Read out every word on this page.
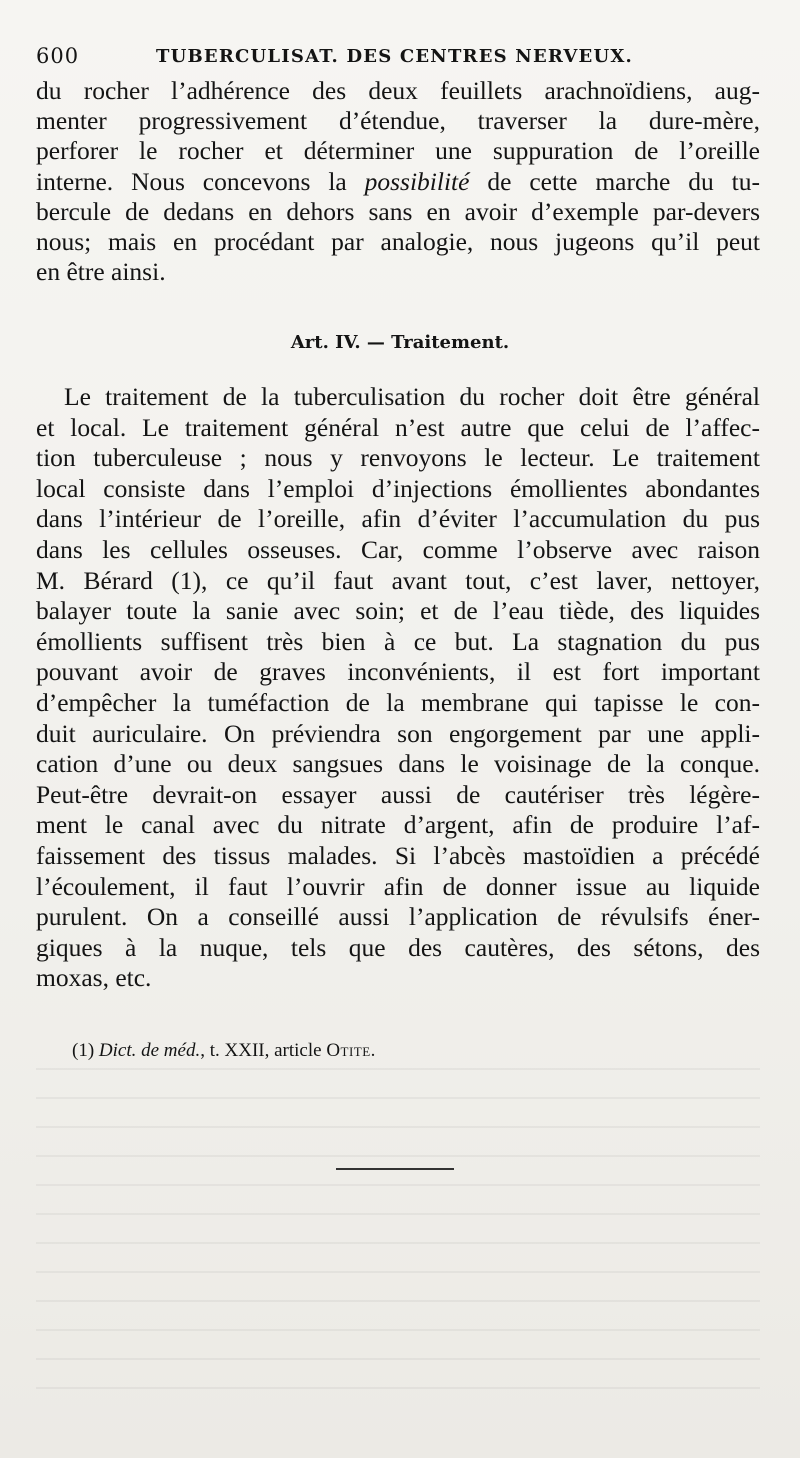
600	TUBERCULISAT. DES CENTRES NERVEUX.
du rocher l’adhérence des deux feuillets arachnoïdiens, aug-
menter progressivement d’étendue, traverser la dure-mère,
perforer le rocher et déterminer une suppuration de l’oreille
interne. Nous concevons la possibilité de cette marche du tu-
bercule de dedans en dehors sans en avoir d’exemple par-devers
nous; mais en procédant par analogie, nous jugeons qu’il peut
en être ainsi.
Art. IV. — Traitement.
Le traitement de la tuberculisation du rocher doit être général
et local. Le traitement général n’est autre que celui de l’affec-
tion tuberculeuse ; nous y renvoyons le lecteur. Le traitement
local consiste dans l’emploi d’injections émollientes abondantes
dans l’intérieur de l’oreille, afin d’éviter l’accumulation du pus
dans les cellules osseuses. Car, comme l’observe avec raison
M. Bérard (1), ce qu’il faut avant tout, c’est laver, nettoyer,
balayer toute la sanie avec soin; et de l’eau tiède, des liquides
émollients suffisent très bien à ce but. La stagnation du pus
pouvant avoir de graves inconvénients, il est fort important
d’empêcher la tuméfaction de la membrane qui tapisse le con-
duit auriculaire. On préviendra son engorgement par une appli-
cation d’une ou deux sangsues dans le voisinage de la conque.
Peut-être devrait-on essayer aussi de cautériser très légère-
ment le canal avec du nitrate d’argent, afin de produire l’af-
faissement des tissus malades. Si l’abcès mastoïdien a précédé
l’écoulement, il faut l’ouvrir afin de donner issue au liquide
purulent. On a conseillé aussi l’application de révulsifs éner-
giques à la nuque, tels que des cautères, des sétons, des
moxas, etc.
(1) Dict. de méd., t. XXII, article Otite.
